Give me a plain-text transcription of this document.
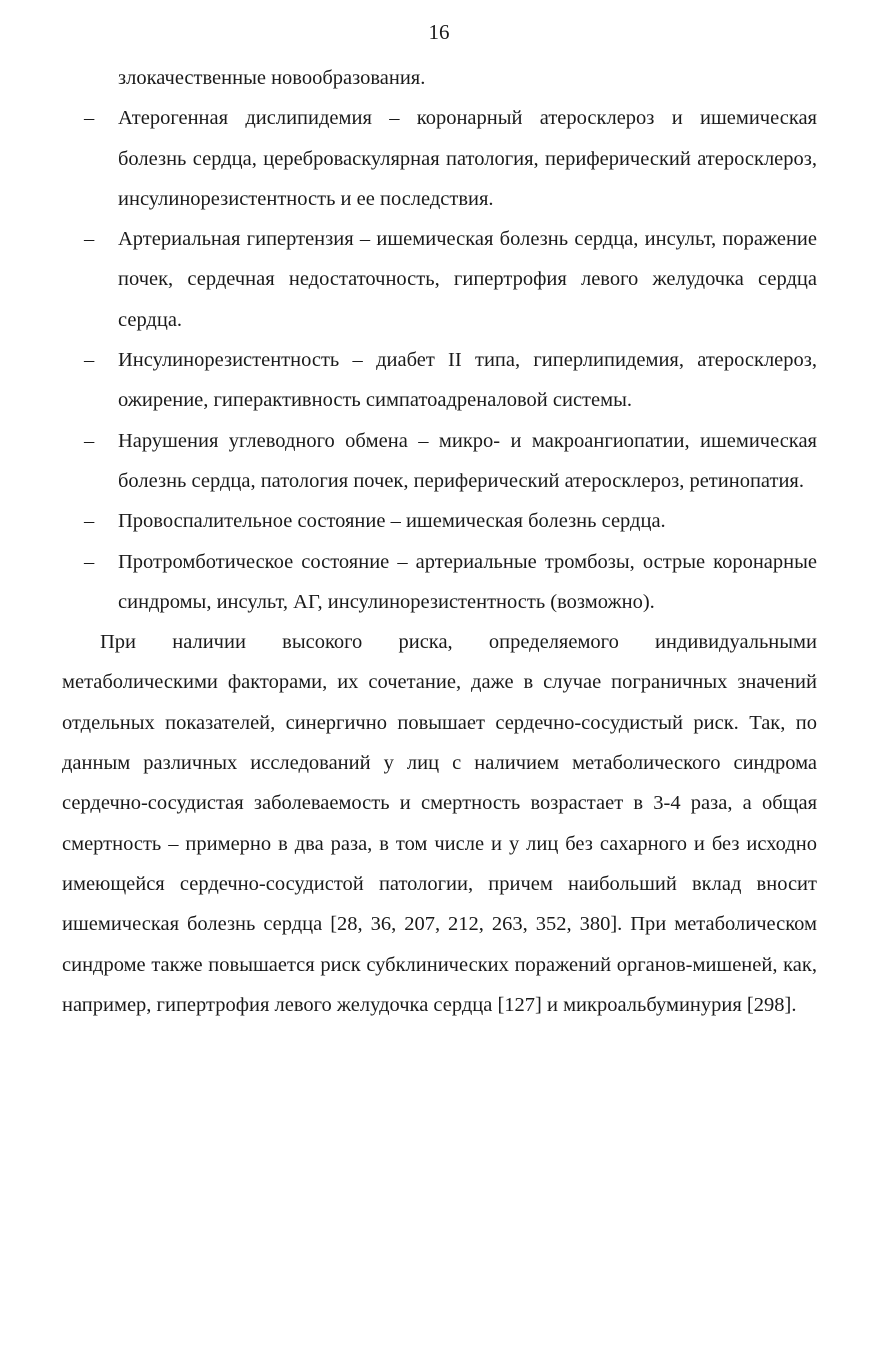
16

злокачественные новообразования.

– Атерогенная дислипидемия – коронарный атеросклероз и ишемическая болезнь сердца, цереброваскулярная патология, периферический атеросклероз, инсулинорезистентность и ее последствия.
– Артериальная гипертензия – ишемическая болезнь сердца, инсульт, поражение почек, сердечная недостаточность, гипертрофия левого желудочка сердца сердца.
– Инсулинорезистентность – диабет II типа, гиперлипидемия, атеросклероз, ожирение, гиперактивность симпатоадреналовой системы.
– Нарушения углеводного обмена – микро- и макроангиопатии, ишемическая болезнь сердца, патология почек, периферический атеросклероз, ретинопатия.
– Провоспалительное состояние – ишемическая болезнь сердца.
– Протромботическое состояние – артериальные тромбозы, острые коронарные синдромы, инсульт, АГ, инсулинорезистентность (возможно).

При наличии высокого риска, определяемого индивидуальными метаболическими факторами, их сочетание, даже в случае пограничных значений отдельных показателей, синергично повышает сердечно-сосудистый риск. Так, по данным различных исследований у лиц с наличием метаболического синдрома сердечно-сосудистая заболеваемость и смертность возрастает в 3-4 раза, а общая смертность – примерно в два раза, в том числе и у лиц без сахарного и без исходно имеющейся сердечно-сосудистой патологии, причем наибольший вклад вносит ишемическая болезнь сердца [28, 36, 207, 212, 263, 352, 380]. При метаболическом синдроме также повышается риск субклинических поражений органов-мишеней, как, например, гипертрофия левого желудочка сердца [127] и микроальбуминурия [298].
